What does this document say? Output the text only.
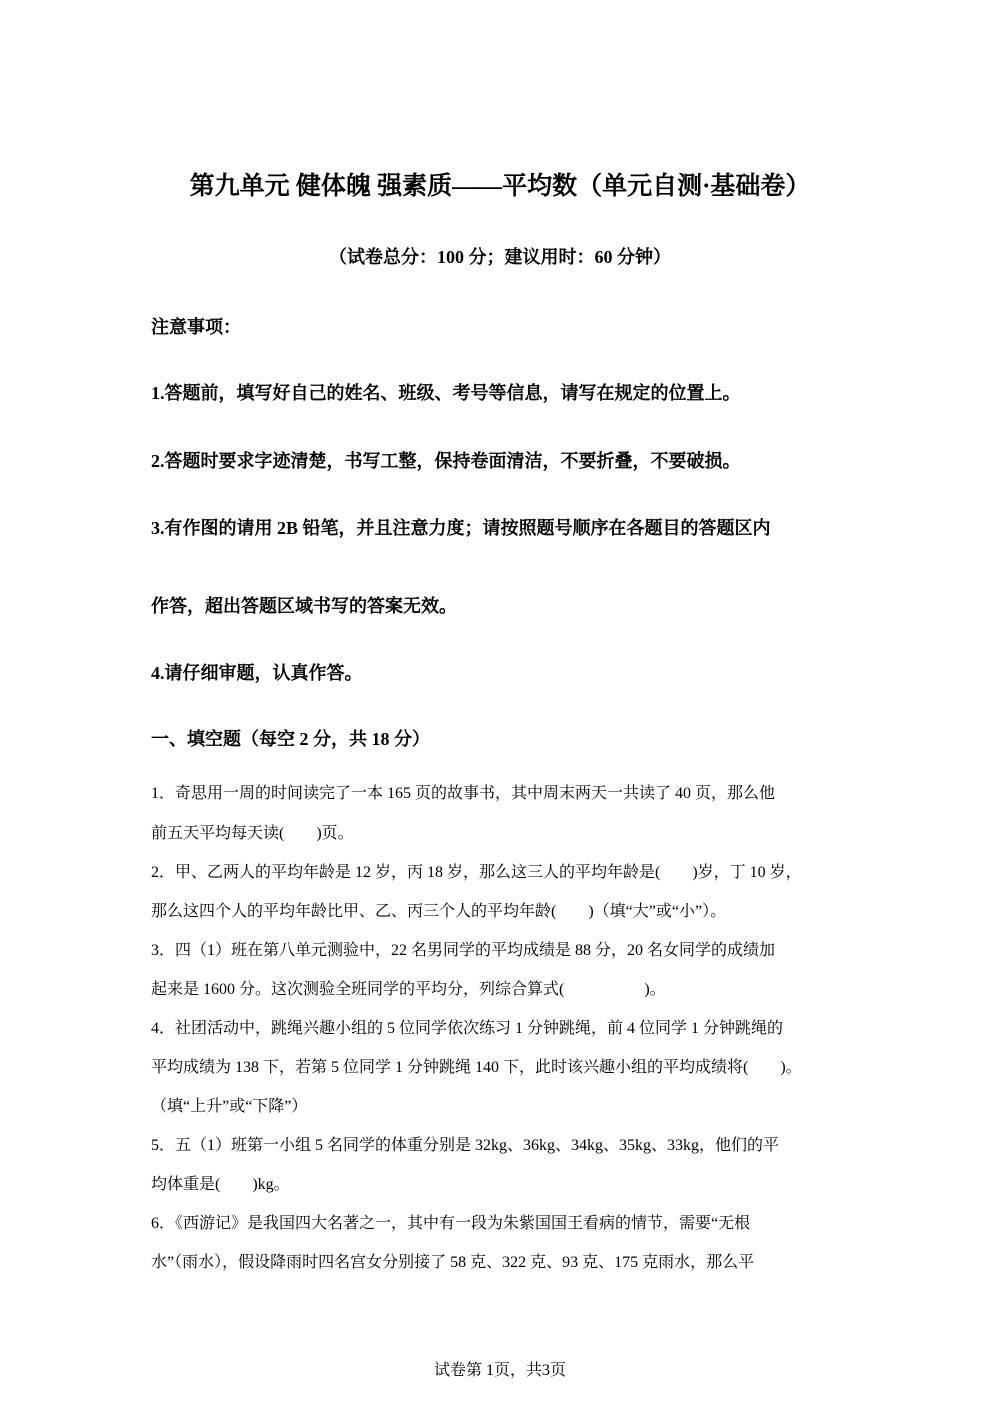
第九单元 健体魄 强素质——平均数（单元自测·基础卷）
（试卷总分：100 分；建议用时：60 分钟）
注意事项：
1.答题前，填写好自己的姓名、班级、考号等信息，请写在规定的位置上。
2.答题时要求字迹清楚，书写工整，保持卷面清洁，不要折叠，不要破损。
3.有作图的请用 2B 铅笔，并且注意力度；请按照题号顺序在各题目的答题区内
作答，超出答题区域书写的答案无效。
4.请仔细审题，认真作答。
一、填空题（每空 2 分，共 18 分）
1．奇思用一周的时间读完了一本 165 页的故事书，其中周末两天一共读了 40 页，那么他
前五天平均每天读(　　)页。
2．甲、乙两人的平均年龄是 12 岁，丙 18 岁，那么这三人的平均年龄是(　　)岁，丁 10 岁，
那么这四个人的平均年龄比甲、乙、丙三个人的平均年龄(　　)（填“大”或“小”）。
3．四（1）班在第八单元测验中，22 名男同学的平均成绩是 88 分，20 名女同学的成绩加
起来是 1600 分。这次测验全班同学的平均分，列综合算式(　　　　　)。
4．社团活动中，跳绳兴趣小组的 5 位同学依次练习 1 分钟跳绳，前 4 位同学 1 分钟跳绳的
平均成绩为 138 下，若第 5 位同学 1 分钟跳绳 140 下，此时该兴趣小组的平均成绩将(　　)。
（填“上升”或“下降”）
5．五（1）班第一小组 5 名同学的体重分别是 32kg、36kg、34kg、35kg、33kg，他们的平
均体重是(　　)kg。
6．《西游记》是我国四大名著之一，其中有一段为朱紫国国王看病的情节，需要“无根
水”（雨水），假设降雨时四名宫女分别接了 58 克、322 克、93 克、175 克雨水，那么平
试卷第 1页，共3页
